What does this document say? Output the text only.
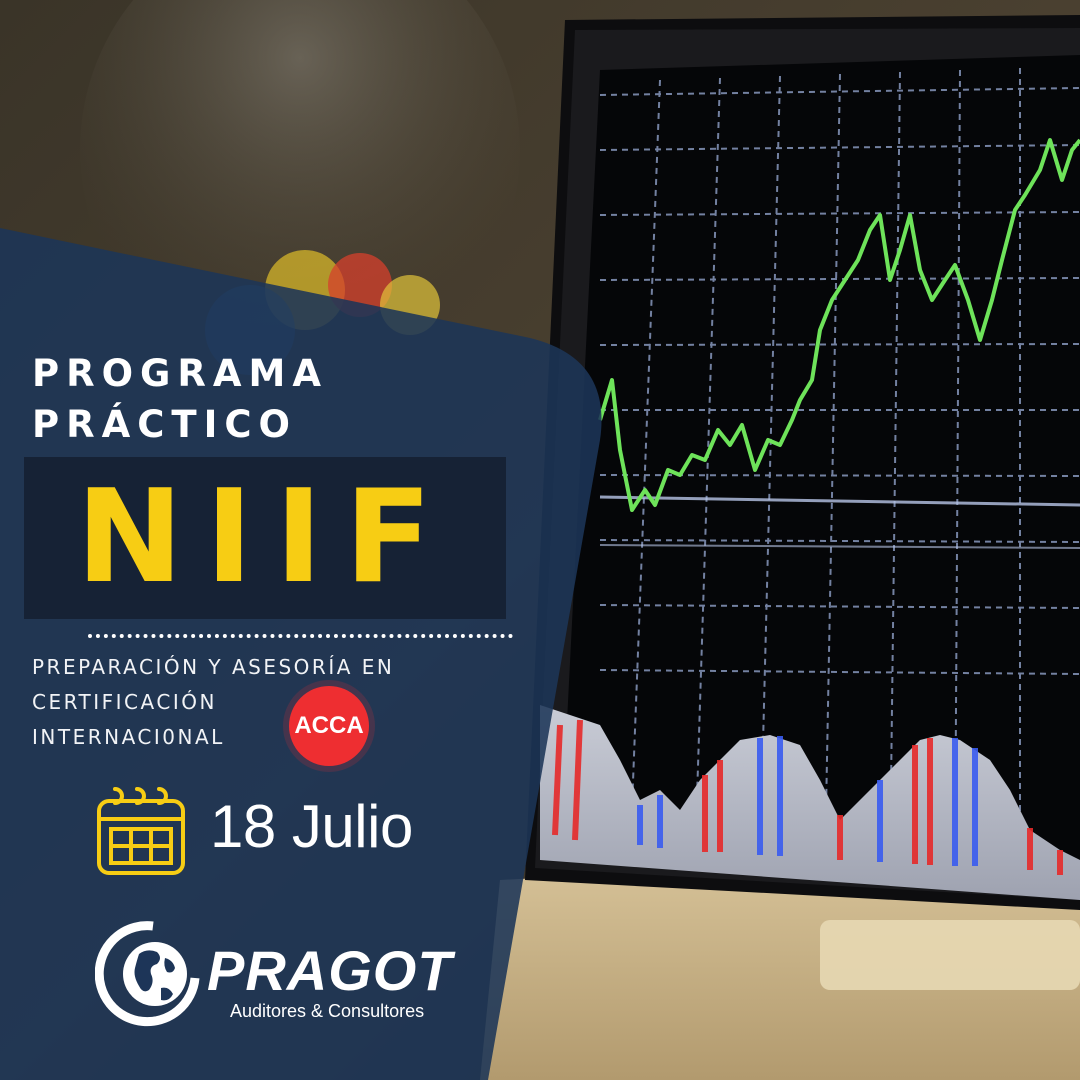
PROGRAMA
PRÁCTICO
NIIF

PREPARACIÓN Y ASESORÍA EN

CERTIFICACIÓN

INTERNACI0NAL	ACCA
18 Julio
PRAGOT
Auditores & Consultores
